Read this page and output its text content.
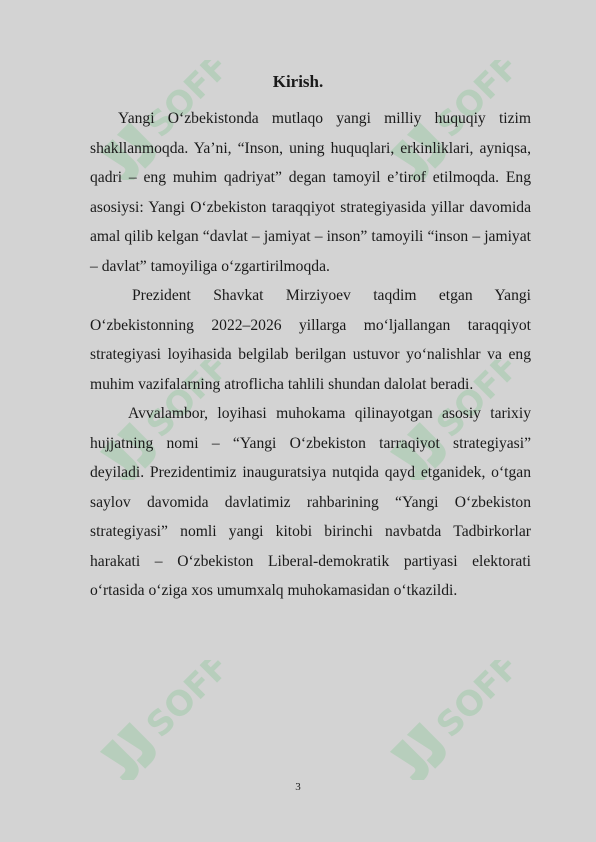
SOFF	SOFF
SOFF	SOFF
SOFF	SOFF
Kirish.

Yangi O‘zbekistonda mutlaqo yangi milliy huquqiy tizim shakllanmoqda. Ya’ni, “Inson, uning huquqlari, erkinliklari, ayniqsa, qadri – eng muhim qadriyat” degan tamoyil e’tirof etilmoqda. Eng asosiysi: Yangi O‘zbekiston taraqqiyot strategiyasida yillar davomida amal qilib kelgan “davlat – jamiyat – inson” tamoyili “inson – jamiyat – davlat” tamoyiliga o‘zgartirilmoqda.

Prezident Shavkat Mirziyoev taqdim etgan Yangi O‘zbekistonning 2022–2026 yillarga mo‘ljallangan taraqqiyot strategiyasi loyihasida belgilab berilgan ustuvor yo‘nalishlar va eng muhim vazifalarning atroflicha tahlili shundan dalolat beradi.

Avvalambor, loyihasi muhokama qilinayotgan asosiy tarixiy hujjatning nomi – “Yangi O‘zbekiston tarraqiyot strategiyasi” deyiladi. Prezidentimiz inauguratsiya nutqida qayd etganidek, o‘tgan saylov davomida davlatimiz rahbarining “Yangi O‘zbekiston strategiyasi” nomli yangi kitobi birinchi navbatda Tadbirkorlar harakati – O‘zbekiston Liberal-demokratik partiyasi elektorati o‘rtasida o‘ziga xos umumxalq muhokamasidan o‘tkazildi.

3
